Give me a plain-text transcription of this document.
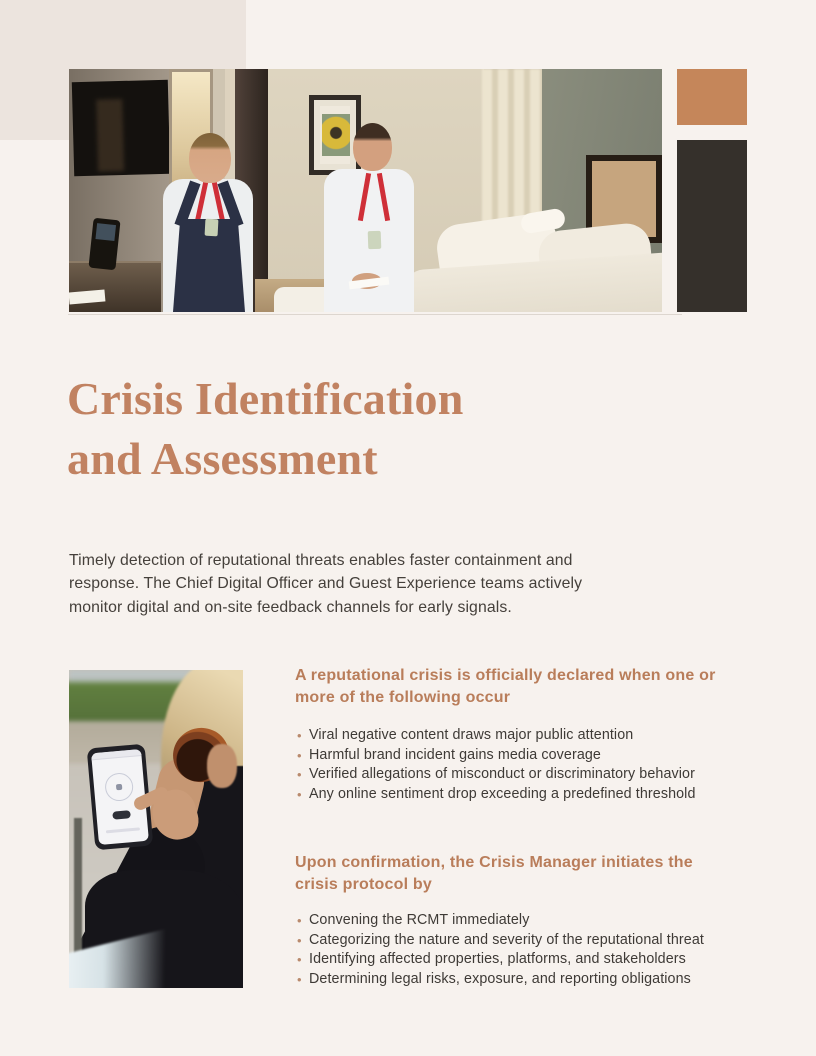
Crisis Identification
and Assessment

Timely detection of reputational threats enables faster containment and response. The Chief Digital Officer and Guest Experience teams actively monitor digital and on-site feedback channels for early signals.

A reputational crisis is officially declared when one or more of the following occur
• Viral negative content draws major public attention
• Harmful brand incident gains media coverage
• Verified allegations of misconduct or discriminatory behavior
• Any online sentiment drop exceeding a predefined threshold
Upon confirmation, the Crisis Manager initiates the crisis protocol by
• Convening the RCMT immediately
• Categorizing the nature and severity of the reputational threat
• Identifying affected properties, platforms, and stakeholders
• Determining legal risks, exposure, and reporting obligations
